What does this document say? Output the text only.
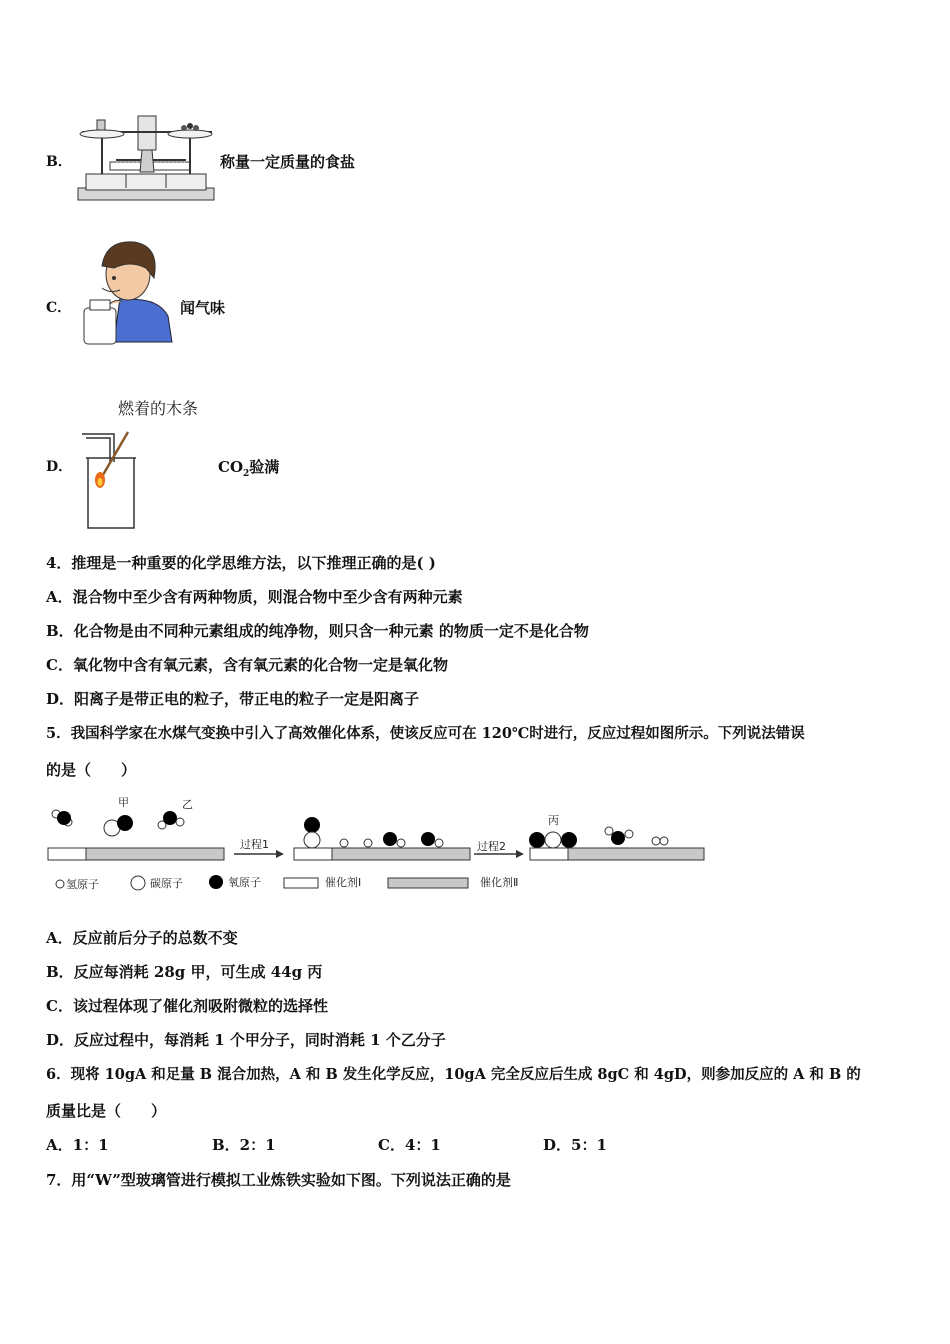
B．	称量一定质量的食盐
C．	闻气味
燃着的木条
D．	$CO_2$验满
4．推理是一种重要的化学思维方法，以下推理正确的是( )
A．混合物中至少含有两种物质，则混合物中至少含有两种元素
B．化合物是由不同种元素组成的纯净物，则只含一种元素 的物质一定不是化合物
C．氧化物中含有氧元素，含有氧元素的化合物一定是氧化物
D．阳离子是带正电的粒子，带正电的粒子一定是阳离子
5．我国科学家在水煤气变换中引入了高效催化体系，使该反应可在 120℃时进行，反应过程如图所示。下列说法错误
的是（　　）
甲	乙
丙
过程1	过程2
氢原子	碳原子	氧原子	催化剂Ⅰ	催化剂Ⅱ
A．反应前后分子的总数不变
B．反应每消耗 28g 甲，可生成 44g 丙
C．该过程体现了催化剂吸附微粒的选择性
D．反应过程中，每消耗 1 个甲分子，同时消耗 1 个乙分子
6．现将 10gA 和足量 B 混合加热，A 和 B 发生化学反应，10gA 完全反应后生成 8gC 和 4gD，则参加反应的 A 和 B 的
质量比是（　　）
A．1：1	B．2：1	C．4：1	D．5：1
7．用“W”型玻璃管进行模拟工业炼铁实验如下图。下列说法正确的是
